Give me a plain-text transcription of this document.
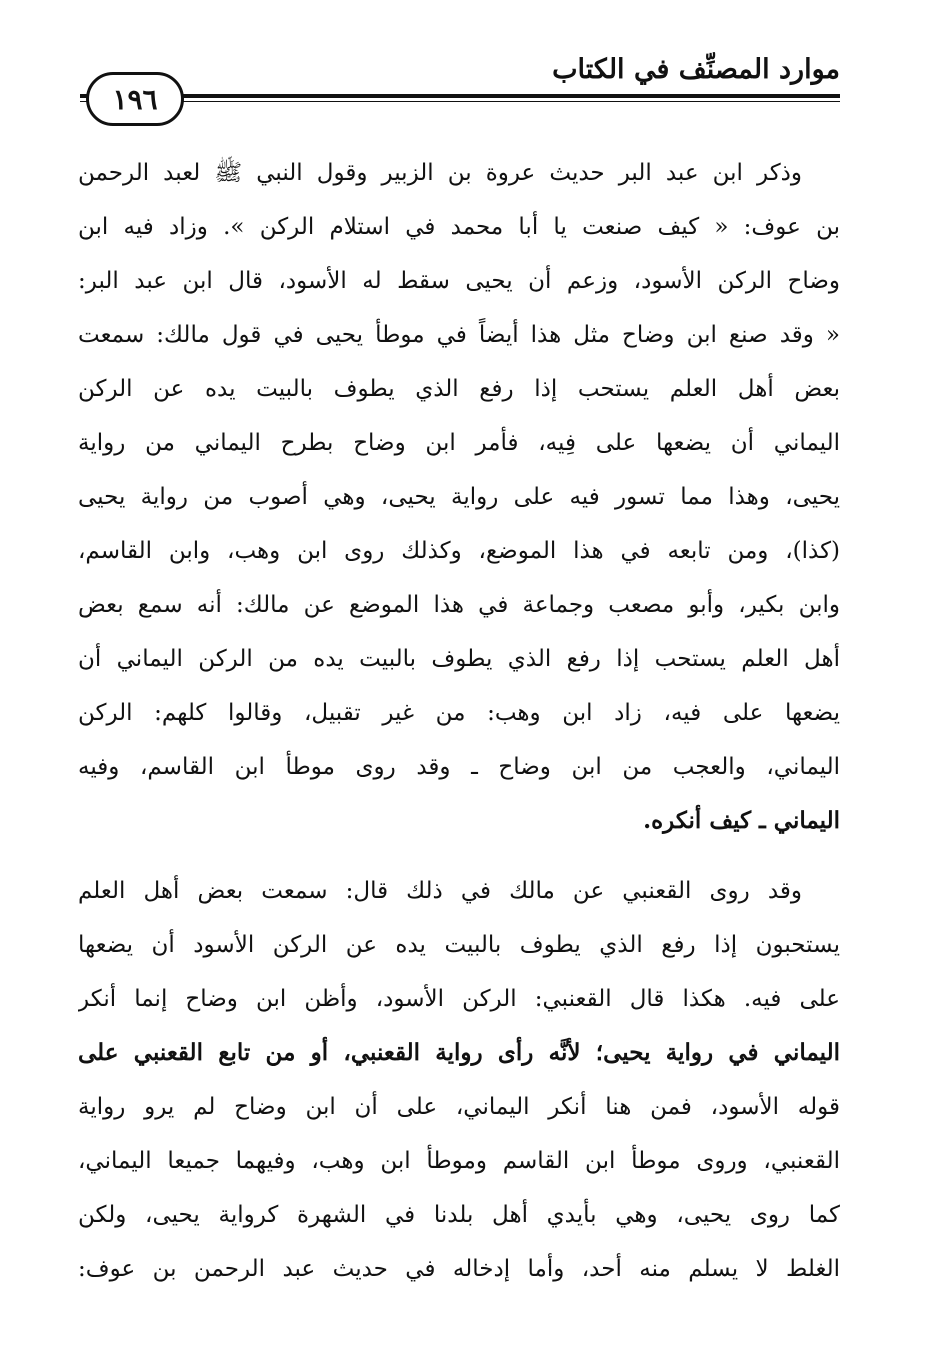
موارد المصنِّف في الكتاب
١٩٦
وذكر ابن عبد البر حديث عروة بن الزبير وقول النبي ﷺ لعبد الرحمن
بن عوف: « كيف صنعت يا أبا محمد في استلام الركن ». وزاد فيه ابن
وضاح الركن الأسود، وزعم أن يحيى سقط له الأسود، قال ابن عبد البر:
« وقد صنع ابن وضاح مثل هذا أيضاً في موطأ يحيى في قول مالك: سمعت
بعض أهل العلم يستحب إذا رفع الذي يطوف بالبيت يده عن الركن
اليماني أن يضعها على فِيه، فأمر ابن وضاح بطرح اليماني من رواية
يحيى، وهذا مما تسور فيه على رواية يحيى، وهي أصوب من رواية يحيى
(كذا)، ومن تابعه في هذا الموضع، وكذلك روى ابن وهب، وابن القاسم،
وابن بكير، وأبو مصعب وجماعة في هذا الموضع عن مالك: أنه سمع بعض
أهل العلم يستحب إذا رفع الذي يطوف بالبيت يده من الركن اليماني أن
يضعها على فيه، زاد ابن وهب: من غير تقبيل، وقالوا كلهم: الركن
اليماني، والعجب من ابن وضاح ـ وقد روى موطأ ابن القاسم، وفيه
اليماني ـ كيف أنكره.
وقد روى القعنبي عن مالك في ذلك قال: سمعت بعض أهل العلم
يستحبون إذا رفع الذي يطوف بالبيت يده عن الركن الأسود أن يضعها
على فيه. هكذا قال القعنبي: الركن الأسود، وأظن ابن وضاح إنما أنكر
اليماني في رواية يحيى؛ لأنَّه رأى رواية القعنبي، أو من تابع القعنبي على
قوله الأسود، فمن هنا أنكر اليماني، على أن ابن وضاح لم يرو رواية
القعنبي، وروى موطأ ابن القاسم وموطأ ابن وهب، وفيهما جميعا اليماني،
كما روى يحيى، وهي بأيدي أهل بلدنا في الشهرة كرواية يحيى، ولكن
الغلط لا يسلم منه أحد، وأما إدخاله في حديث عبد الرحمن بن عوف:
